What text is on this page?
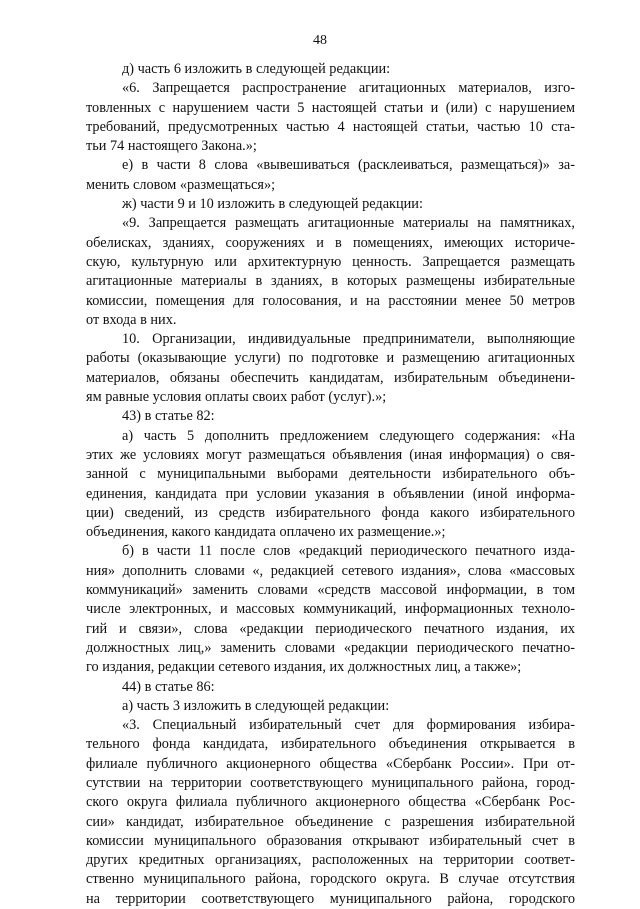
48
д) часть 6 изложить в следующей редакции:
«6. Запрещается распространение агитационных материалов, изго-
товленных с нарушением части 5 настоящей статьи и (или) с нарушением
требований, предусмотренных частью 4 настоящей статьи, частью 10 ста-
тьи 74 настоящего Закона.»;
е) в части 8 слова «вывешиваться (расклеиваться, размещаться)» за-
менить словом «размещаться»;
ж) части 9 и 10 изложить в следующей редакции:
«9. Запрещается размещать агитационные материалы на памятниках,
обелисках, зданиях, сооружениях и в помещениях, имеющих историче-
скую, культурную или архитектурную ценность. Запрещается размещать
агитационные материалы в зданиях, в которых размещены избирательные
комиссии, помещения для голосования, и на расстоянии менее 50 метров
от входа в них.
10. Организации, индивидуальные предприниматели, выполняющие
работы (оказывающие услуги) по подготовке и размещению агитационных
материалов, обязаны обеспечить кандидатам, избирательным объединени-
ям равные условия оплаты своих работ (услуг).»;
43) в статье 82:
а) часть 5 дополнить предложением следующего содержания: «На
этих же условиях могут размещаться объявления (иная информация) о свя-
занной с муниципальными выборами деятельности избирательного объ-
единения, кандидата при условии указания в объявлении (иной информа-
ции) сведений, из средств избирательного фонда какого избирательного
объединения, какого кандидата оплачено их размещение.»;
б) в части 11 после слов «редакций периодического печатного изда-
ния» дополнить словами «, редакцией сетевого издания», слова «массовых
коммуникаций» заменить словами «средств массовой информации, в том
числе электронных, и массовых коммуникаций, информационных техноло-
гий и связи», слова «редакции периодического печатного издания, их
должностных лиц,» заменить словами «редакции периодического печатно-
го издания, редакции сетевого издания, их должностных лиц, а также»;
44) в статье 86:
а) часть 3 изложить в следующей редакции:
«3. Специальный избирательный счет для формирования избира-
тельного фонда кандидата, избирательного объединения открывается в
филиале публичного акционерного общества «Сбербанк России». При от-
сутствии на территории соответствующего муниципального района, город-
ского округа филиала публичного акционерного общества «Сбербанк Рос-
сии» кандидат, избирательное объединение с разрешения избирательной
комиссии муниципального образования открывают избирательный счет в
других кредитных организациях, расположенных на территории соответ-
ственно муниципального района, городского округа. В случае отсутствия
на территории соответствующего муниципального района, городского
